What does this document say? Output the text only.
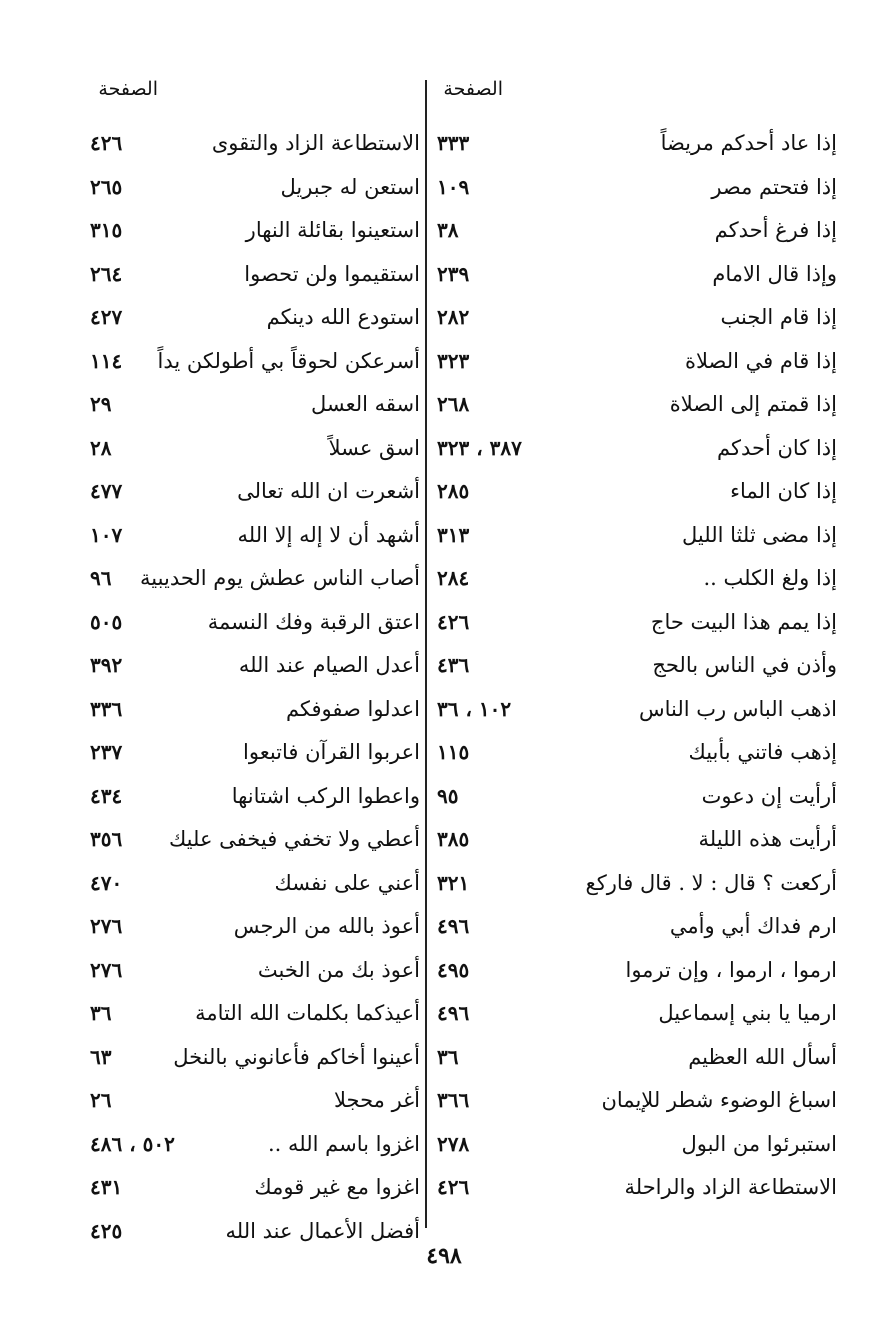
الصفحة
الصفحة
إذا عاد أحدكم مريضاً
٣٣٣
إذا فتحتم مصر
١٠٩
إذا فرغ أحدكم
٣٨
وإذا قال الامام
٢٣٩
إذا قام الجنب
٢٨٢
إذا قام في الصلاة
٣٢٣
إذا قمتم إلى الصلاة
٢٦٨
إذا كان أحدكم
٣٨٧ ، ٣٢٣
إذا كان الماء
٢٨٥
إذا مضى ثلثا الليل
٣١٣
إذا ولغ الكلب ..
٢٨٤
إذا يمم هذا البيت حاج
٤٢٦
وأذن في الناس بالحج
٤٣٦
اذهب الباس رب الناس
١٠٢ ، ٣٦
إذهب فاتني بأبيك
١١٥
أرأيت إن دعوت
٩٥
أرأيت هذه الليلة
٣٨٥
أركعت ؟ قال : لا . قال فاركع
٣٢١
ارم فداك أبي وأمي
٤٩٦
ارموا ، ارموا ، وإن ترموا
٤٩٥
ارميا يا بني إسماعيل
٤٩٦
أسأل الله العظيم
٣٦
اسباغ الوضوء شطر للإيمان
٣٦٦
استبرئوا من البول
٢٧٨
الاستطاعة الزاد والراحلة
٤٢٦
الاستطاعة الزاد والتقوى
٤٢٦
استعن له جبريل
٢٦٥
استعينوا بقائلة النهار
٣١٥
استقيموا ولن تحصوا
٢٦٤
استودع الله دينكم
٤٢٧
أسرعكن لحوقاً بي أطولكن يداً
١١٤
اسقه العسل
٢٩
اسق عسلاً
٢٨
أشعرت ان الله تعالى
٤٧٧
أشهد أن لا إله إلا الله
١٠٧
أصاب الناس عطش يوم الحديبية
٩٦
اعتق الرقبة وفك النسمة
٥٠٥
أعدل الصيام عند الله
٣٩٢
اعدلوا صفوفكم
٣٣٦
اعربوا القرآن فاتبعوا
٢٣٧
واعطوا الركب اشتانها
٤٣٤
أعطي ولا تخفي فيخفى عليك
٣٥٦
أعني على نفسك
٤٧٠
أعوذ بالله من الرجس
٢٧٦
أعوذ بك من الخبث
٢٧٦
أعيذكما بكلمات الله التامة
٣٦
أعينوا أخاكم فأعانوني بالنخل
٦٣
أغر محجلا
٢٦
اغزوا باسم الله ..
٥٠٢ ، ٤٨٦
اغزوا مع غير قومك
٤٣١
أفضل الأعمال عند الله
٤٢٥
٤٩٨
